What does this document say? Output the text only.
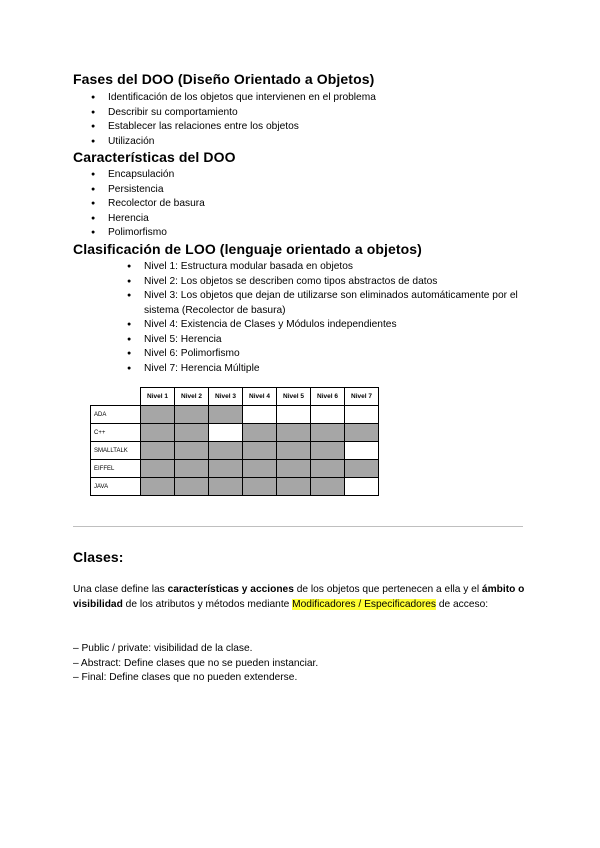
Fases del DOO (Diseño Orientado a Objetos)
● Identificación de los objetos que intervienen en el problema
● Describir su comportamiento
● Establecer las relaciones entre los objetos
● Utilización
Características del DOO
● Encapsulación
● Persistencia
● Recolector de basura
● Herencia
● Polimorfismo
Clasificación de LOO (lenguaje orientado a objetos)
● Nivel 1: Estructura modular basada en objetos
● Nivel 2: Los objetos se describen como tipos abstractos de datos
● Nivel 3: Los objetos que dejan de utilizarse son eliminados automáticamente por el sistema (Recolector de basura)
● Nivel 4: Existencia de Clases y Módulos independientes
● Nivel 5: Herencia
● Nivel 6: Polimorfismo
● Nivel 7: Herencia Múltiple
	Nivel 1	Nivel 2	Nivel 3	Nivel 4	Nivel 5	Nivel 6	Nivel 7
ADA							
C++							
SMALLTALK							
EIFFEL							
JAVA							
Clases:
Una clase define las características y acciones de los objetos que pertenecen a ella y el ámbito o visibilidad de los atributos y métodos mediante Modificadores / Especificadores de acceso:
– Public / private: visibilidad de la clase.
– Abstract: Define clases que no se pueden instanciar.
– Final: Define clases que no pueden extenderse.
